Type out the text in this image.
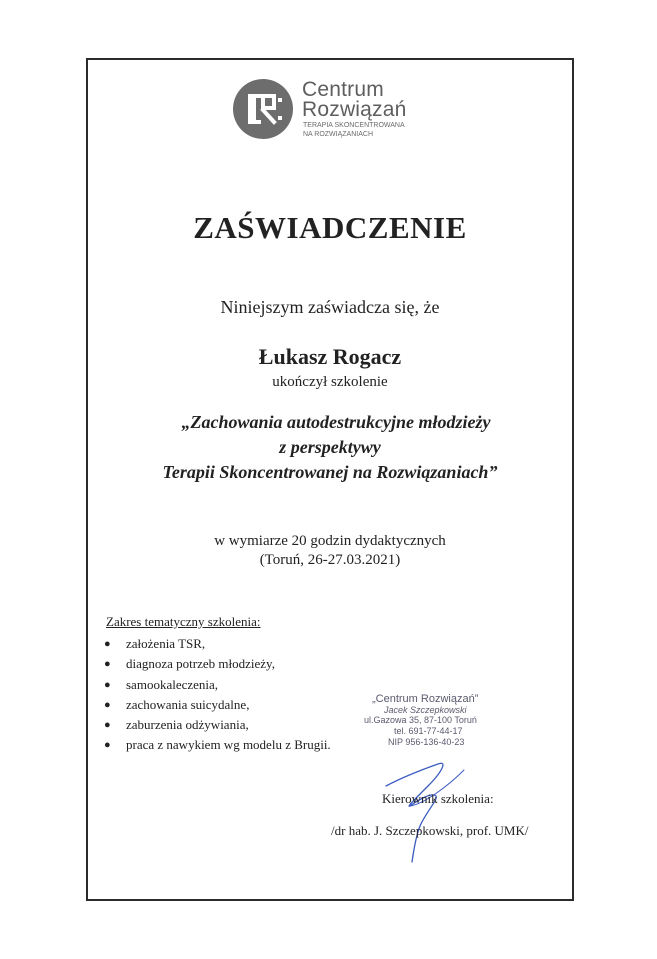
Centrum
Rozwiązań
TERAPIA SKONCENTROWANA
NA ROZWIĄZANIACH
ZAŚWIADCZENIE
Niniejszym zaświadcza się, że
Łukasz Rogacz
ukończył szkolenie
„Zachowania autodestrukcyjne młodzieży
z perspektywy
Terapii Skoncentrowanej na Rozwiązaniach”
w wymiarze 20 godzin dydaktycznych
(Toruń, 26-27.03.2021)
Zakres tematyczny szkolenia:
● założenia TSR,
● diagnoza potrzeb młodzieży,
● samookaleczenia,
● zachowania suicydalne,
● zaburzenia odżywiania,
● praca z nawykiem wg modelu z Brugii.
„Centrum Rozwiązań”
Jacek Szczepkowski
ul.Gazowa 35, 87-100 Toruń
tel. 691-77-44-17
NIP 956-136-40-23
Kierownik szkolenia:
/dr hab. J. Szczepkowski, prof. UMK/
